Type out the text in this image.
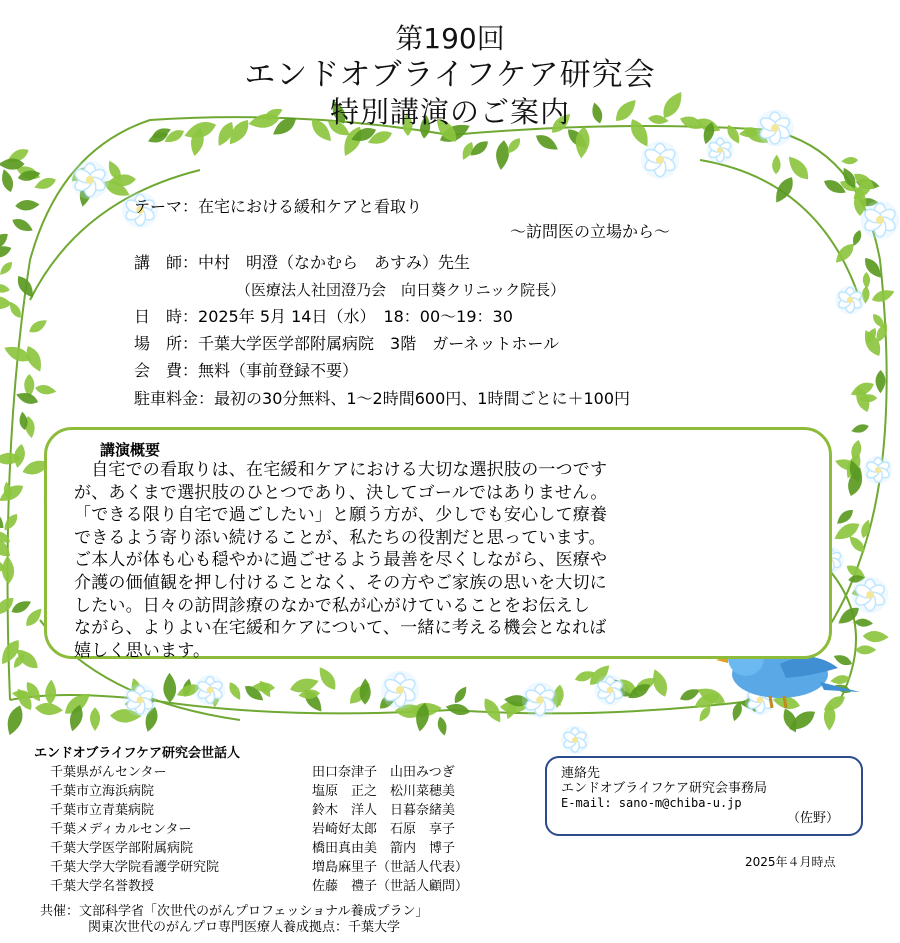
第190回
エンドオブライフケア研究会
特別講演のご案内
テーマ：在宅における緩和ケアと看取り
～訪問医の立場から～
講　師：中村　明澄（なかむら　あすみ）先生
（医療法人社団澄乃会　向日葵クリニック院長）
日　時：2025年 5月 14日（水）　18：00～19：30
場　所：千葉大学医学部附属病院　3階　ガーネットホール
会　費：無料（事前登録不要）
駐車料金：最初の30分無料、1～2時間600円、1時間ごとに＋100円
講演概要
　自宅での看取りは、在宅緩和ケアにおける大切な選択肢の一つです
が、あくまで選択肢のひとつであり、決してゴールではありません。
「できる限り自宅で過ごしたい」と願う方が、少しでも安心して療養
できるよう寄り添い続けることが、私たちの役割だと思っています。
ご本人が体も心も穏やかに過ごせるよう最善を尽くしながら、医療や
介護の価値観を押し付けることなく、その方やご家族の思いを大切に
したい。日々の訪問診療のなかで私が心がけていることをお伝えし
ながら、よりよい在宅緩和ケアについて、一緒に考える機会となれば
嬉しく思います。
エンドオブライフケア研究会世話人
千葉県がんセンター	田口奈津子　山田みつぎ
千葉市立海浜病院	塩原　正之　松川菜穂美
千葉市立青葉病院	鈴木　洋人　日暮奈緒美
千葉メディカルセンター	岩崎好太郎　石原　享子
千葉大学医学部附属病院	橋田真由美　箭内　博子
千葉大学大学院看護学研究院	増島麻里子（世話人代表）
千葉大学名誉教授	佐藤　禮子（世話人顧問）
連絡先
エンドオブライフケア研究会事務局
E-mail: sano-m@chiba-u.jp
（佐野）
2025年４月時点
共催：文部科学省「次世代のがんプロフェッショナル養成プラン」
関東次世代のがんプロ専門医療人養成拠点：千葉大学
